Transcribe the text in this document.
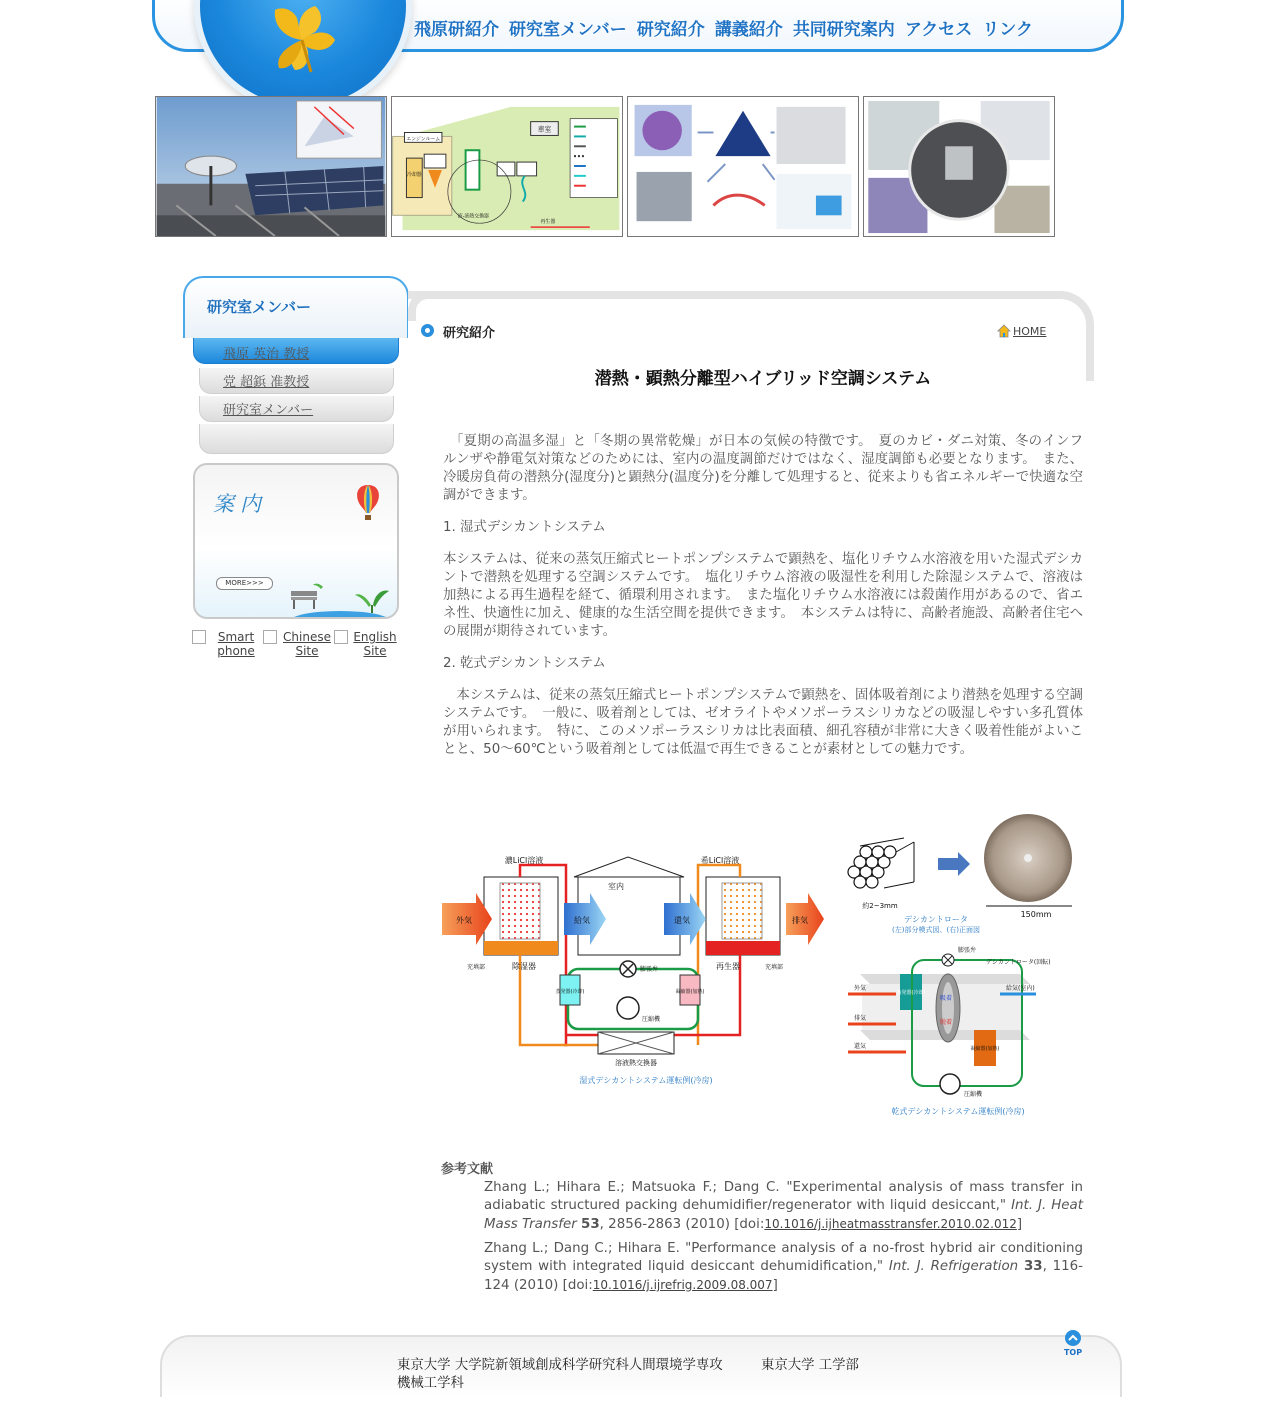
飛原研紹介 研究室メンバー 研究紹介 講義紹介 共同研究案内 アクセス リンク
車室
エンジンルーム
冷却器
液-液熱交換器
再生器
研究室メンバー
飛原 英治 教授
党 超鋲 准教授
研究室メンバー
案内
MORE>>>
Smart
phone
Chinese
Site
English
Site
研究紹介	HOME
潜熱・顕熱分離型ハイブリッド空調システム

　「夏期の高温多湿」と「冬期の異常乾燥」が日本の気候の特徴です。　夏のカビ・ダニ対策、冬のインフルンザや静電気対策などのためには、室内の温度調節だけではなく、湿度調節も必要となります。　また、冷暖房負荷の潜熱分(湿度分)と顕熱分(温度分)を分離して処理すると、従来よりも省エネルギーで快適な空調ができます。

1. 湿式デシカントシステム

本システムは、従来の蒸気圧縮式ヒートポンプシステムで顕熱を、塩化リチウム水溶液を用いた湿式デシカントで潜熱を処理する空調システムです。　塩化リチウム溶液の吸湿性を利用した除湿システムで、溶液は加熱による再生過程を経て、循環利用されます。　また塩化リチウム水溶液には殺菌作用があるので、省エネ性、快適性に加え、健康的な生活空間を提供できます。　本システムは特に、高齢者施設、高齢者住宅への展開が期待されています。

2. 乾式デシカントシステム

　本システムは、従来の蒸気圧縮式ヒートポンプシステムで顕熱を、固体吸着剤により潜熱を処理する空調システムです。　一般に、吸着剤としては、ゼオライトやメソポーラスシリカなどの吸湿しやすい多孔質体が用いられます。　特に、このメソポーラスシリカは比表面積、細孔容積が非常に大きく吸着性能がよいことと、50～60℃という吸着剤としては低温で再生できることが素材としての魅力です。

濃LiCl溶液	希LiCl溶液
室内
外気	給気	還気	排気
除湿器	再生器
充填部	充填部
膨張弁
蒸発器(冷却)	凝縮器(加熱)
圧縮機
溶液熱交換器
湿式デシカントシステム運転例(冷房)
150mm
約2~3mm
デシカントロータ
(左)部分模式図、(右)正面図
外気
排気
還気
給気(室内)
膨張弁
デシカントロータ(回転)
蒸発器(冷却)
凝縮器(加熱)
吸着
脱着
圧縮機
乾式デシカントシステム運転例(冷房)
参考文献
Zhang L.; Hihara E.; Matsuoka F.; Dang C. "Experimental analysis of mass transfer in adiabatic structured packing dehumidifier/regenerator with liquid desiccant," Int. J. Heat Mass Transfer 53, 2856-2863 (2010) [doi:10.1016/j.ijheatmasstransfer.2010.02.012]
Zhang L.; Dang C.; Hihara E. "Performance analysis of a no-frost hybrid air conditioning system with integrated liquid desiccant dehumidification," Int. J. Refrigeration 33, 116-124 (2010) [doi:10.1016/j.ijrefrig.2009.08.007]
東京大学 大学院新領域創成科学研究科人間環境学専攻	東京大学 工学部
機械工学科
TOP
